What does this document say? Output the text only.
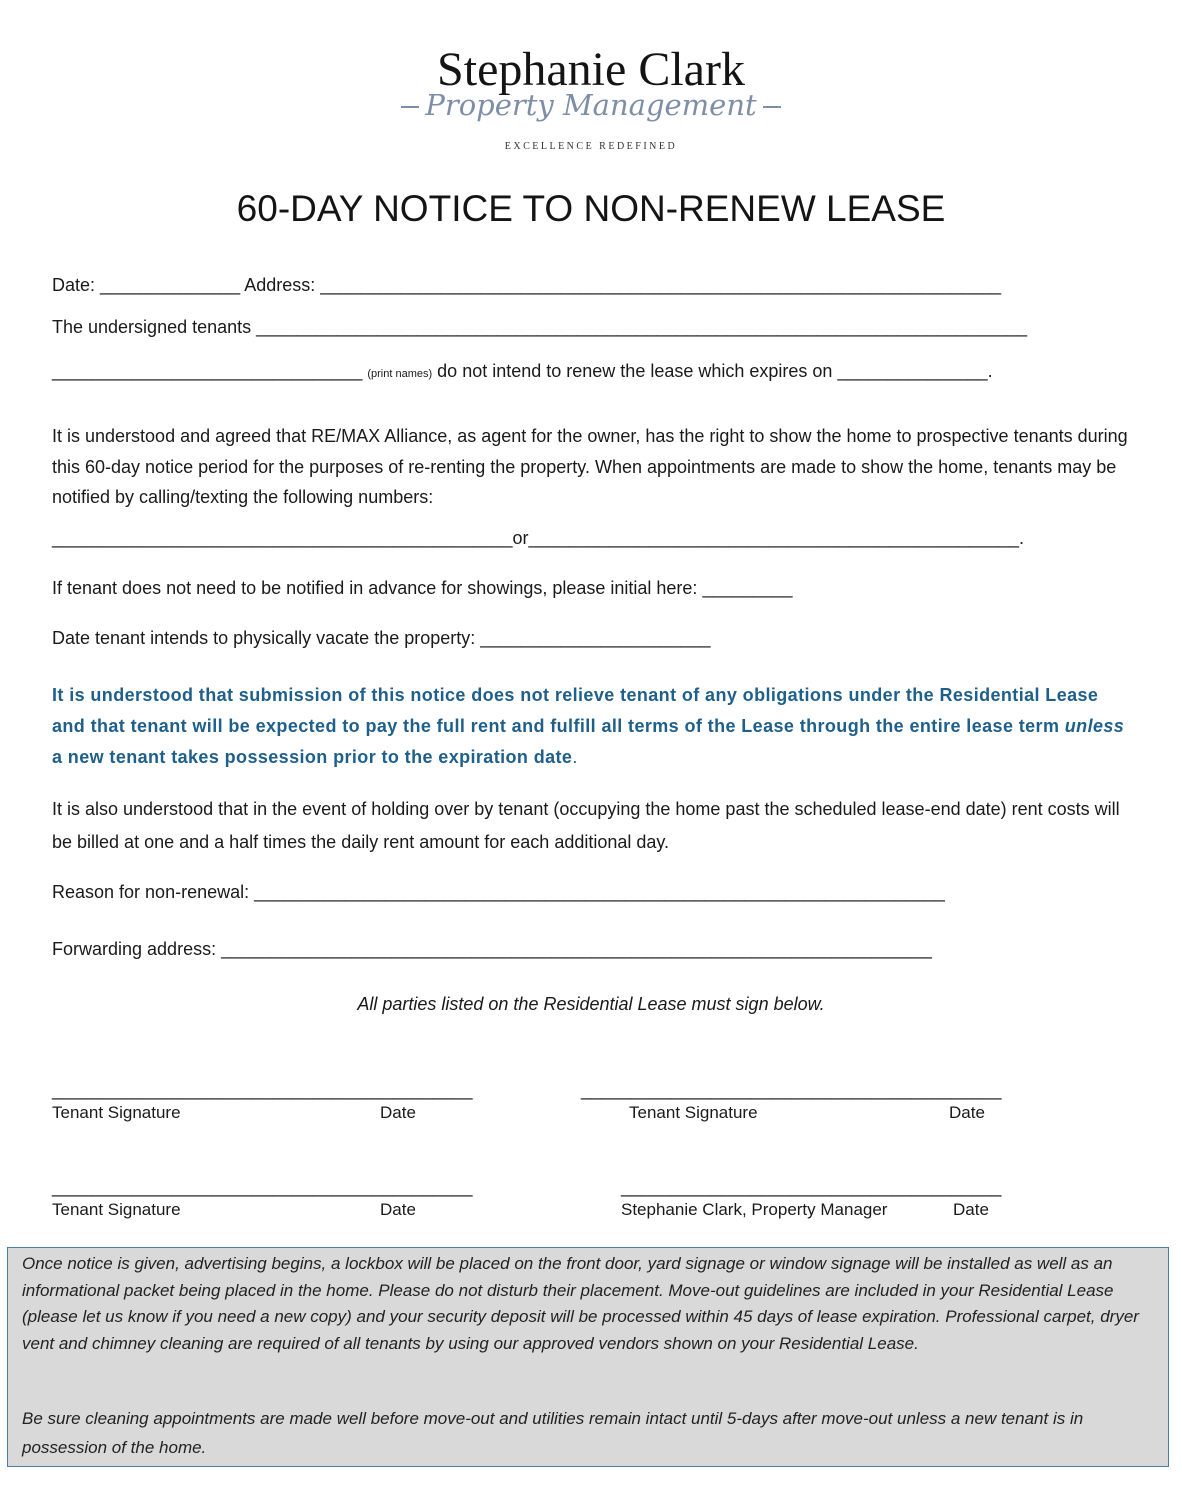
Stephanie Clark
Property Management
EXCELLENCE REDEFINED
60-DAY NOTICE TO NON-RENEW LEASE
Date: ______________ Address: ____________________________________________________________________
The undersigned tenants _____________________________________________________________________________
_______________________________ (print names) do not intend to renew the lease which expires on _______________.
It is understood and agreed that RE/MAX Alliance, as agent for the owner, has the right to show the home to prospective tenants during this 60-day notice period for the purposes of re-renting the property. When appointments are made to show the home, tenants may be notified by calling/texting the following numbers:
______________________________________________or_________________________________________________.
If tenant does not need to be notified in advance for showings, please initial here: _________
Date tenant intends to physically vacate the property: _______________________
It is understood that submission of this notice does not relieve tenant of any obligations under the Residential Lease and that tenant will be expected to pay the full rent and fulfill all terms of the Lease through the entire lease term unless a new tenant takes possession prior to the expiration date.
It is also understood that in the event of holding over by tenant (occupying the home past the scheduled lease-end date) rent costs will be billed at one and a half times the daily rent amount for each additional day.
Reason for non-renewal: _____________________________________________________________________
Forwarding address: _______________________________________________________________________
All parties listed on the Residential Lease must sign below.
__________________________________________	__________________________________________
Tenant Signature	Date	Tenant Signature	Date
__________________________________________	______________________________________
Tenant Signature	Date	Stephanie Clark, Property Manager	Date
Once notice is given, advertising begins, a lockbox will be placed on the front door, yard signage or window signage will be installed as well as an informational packet being placed in the home. Please do not disturb their placement. Move-out guidelines are included in your Residential Lease (please let us know if you need a new copy) and your security deposit will be processed within 45 days of lease expiration. Professional carpet, dryer vent and chimney cleaning are required of all tenants by using our approved vendors shown on your Residential Lease.
Be sure cleaning appointments are made well before move-out and utilities remain intact until 5-days after move-out unless a new tenant is in possession of the home.
